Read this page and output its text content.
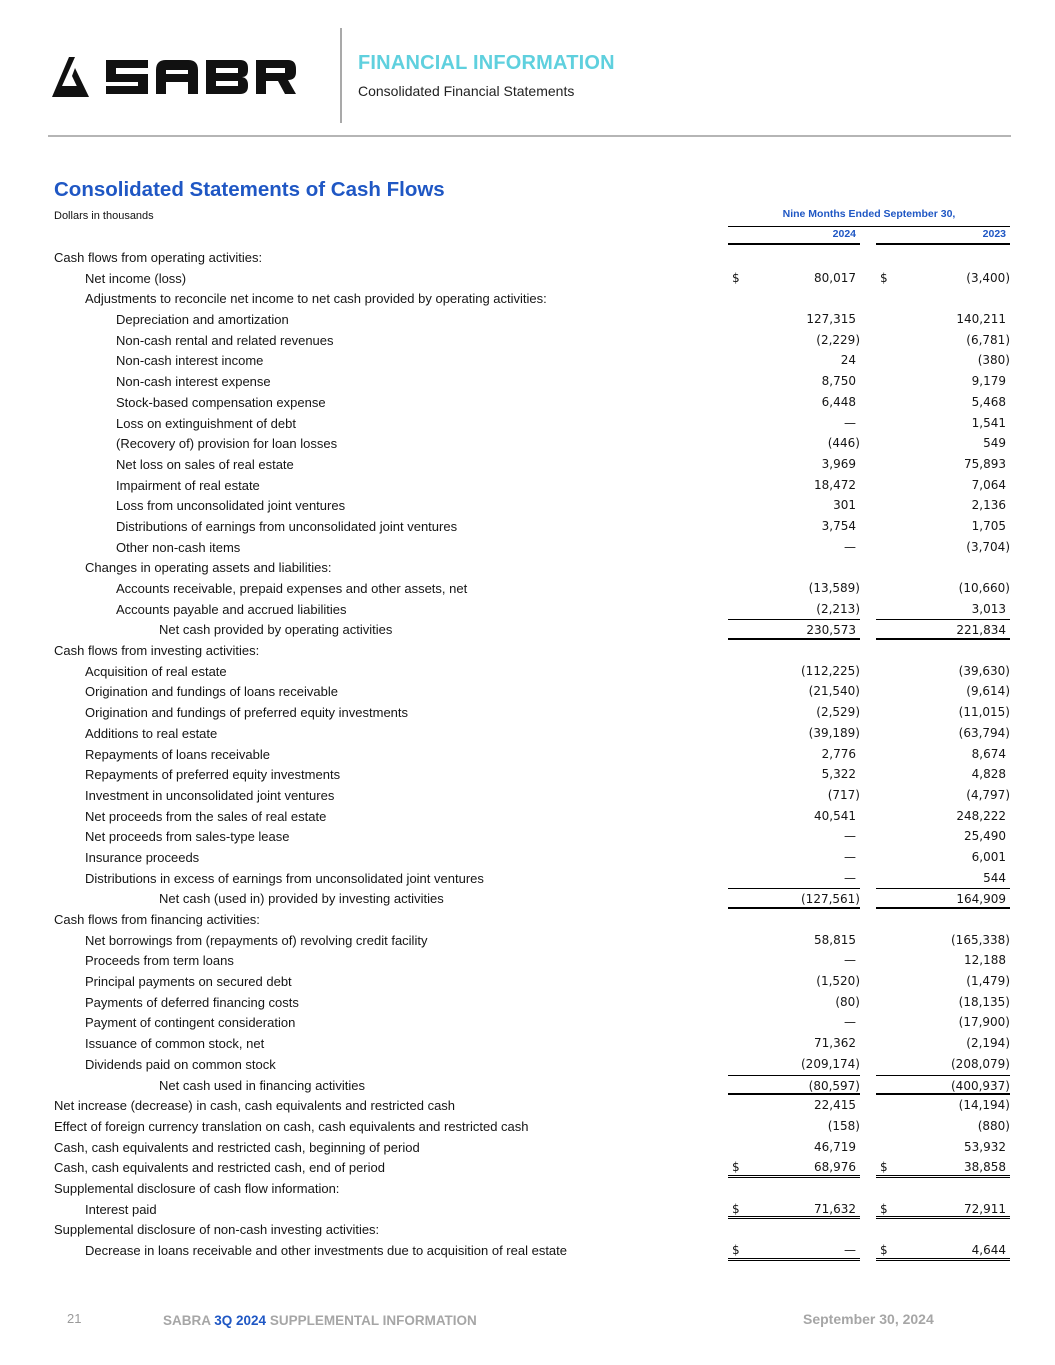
FINANCIAL INFORMATION
Consolidated Financial Statements
Consolidated Statements of Cash Flows
Dollars in thousands	Nine Months Ended September 30,
2024	2023
Cash flows from operating activities:
Net income (loss)	$	80,017 $	(3,400)
Adjustments to reconcile net income to net cash provided by operating activities:
Depreciation and amortization	127,315	140,211
Non-cash rental and related revenues	(2,229)	(6,781)
Non-cash interest income	24	(380)
Non-cash interest expense	8,750	9,179
Stock-based compensation expense	6,448	5,468
Loss on extinguishment of debt	—	1,541
(Recovery of) provision for loan losses	(446)	549
Net loss on sales of real estate	3,969	75,893
Impairment of real estate	18,472	7,064
Loss from unconsolidated joint ventures	301	2,136
Distributions of earnings from unconsolidated joint ventures	3,754	1,705
Other non-cash items	—	(3,704)
Changes in operating assets and liabilities:
Accounts receivable, prepaid expenses and other assets, net	(13,589)	(10,660)
Accounts payable and accrued liabilities	(2,213)	3,013
Net cash provided by operating activities	230,573	221,834
Cash flows from investing activities:
Acquisition of real estate	(112,225)	(39,630)
Origination and fundings of loans receivable	(21,540)	(9,614)
Origination and fundings of preferred equity investments	(2,529)	(11,015)
Additions to real estate	(39,189)	(63,794)
Repayments of loans receivable	2,776	8,674
Repayments of preferred equity investments	5,322	4,828
Investment in unconsolidated joint ventures	(717)	(4,797)
Net proceeds from the sales of real estate	40,541	248,222
Net proceeds from sales-type lease	—	25,490
Insurance proceeds	—	6,001
Distributions in excess of earnings from unconsolidated joint ventures	—	544
Net cash (used in) provided by investing activities	(127,561)	164,909
Cash flows from financing activities:
Net borrowings from (repayments of) revolving credit facility	58,815	(165,338)
Proceeds from term loans	—	12,188
Principal payments on secured debt	(1,520)	(1,479)
Payments of deferred financing costs	(80)	(18,135)
Payment of contingent consideration	—	(17,900)
Issuance of common stock, net	71,362	(2,194)
Dividends paid on common stock	(209,174)	(208,079)
Net cash used in financing activities	(80,597)	(400,937)
Net increase (decrease) in cash, cash equivalents and restricted cash	22,415	(14,194)
Effect of foreign currency translation on cash, cash equivalents and restricted cash	(158)	(880)
Cash, cash equivalents and restricted cash, beginning of period	46,719	53,932
Cash, cash equivalents and restricted cash, end of period	$	68,976 $	38,858
Supplemental disclosure of cash flow information:
Interest paid	$	71,632 $	72,911
Supplemental disclosure of non-cash investing activities:
Decrease in loans receivable and other investments due to acquisition of real estate	$	— $	4,644
21	SABRA 3Q 2024 SUPPLEMENTAL INFORMATION	September 30, 2024
